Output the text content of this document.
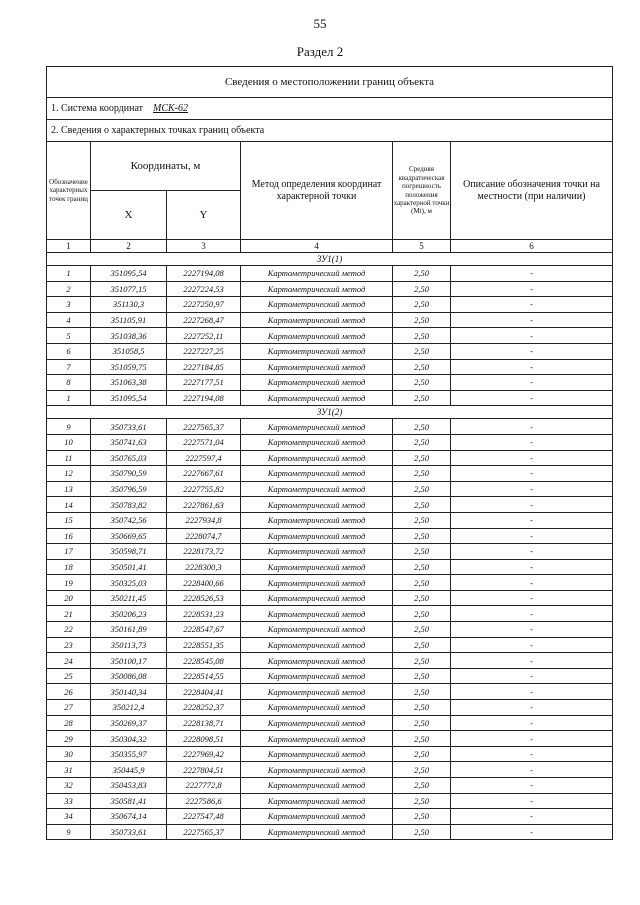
55
Раздел 2
Сведения о местоположении границ объекта					
1. Система координат МСК-62					
2. Сведения о характерных точках границ объекта					
Обозначение характерных точек границ	Координаты, м		Метод определения координат характерной точки	Средняя квадратическая погрешность положения характерной точки (Mt), м	Описание обозначения точки на местности (при наличии)
	X	Y			
1	2	3	4	5	6
ЗУ1(1)					
1	351095,54	2227194,08	Картометрический метод	2,50	-
2	351077,15	2227224,53	Картометрический метод	2,50	-
3	351130,3	2227250,97	Картометрический метод	2,50	-
4	351105,91	2227268,47	Картометрический метод	2,50	-
5	351038,36	2227252,11	Картометрический метод	2,50	-
6	351058,5	2227227,25	Картометрический метод	2,50	-
7	351059,75	2227184,85	Картометрический метод	2,50	-
8	351063,38	2227177,51	Картометрический метод	2,50	-
1	351095,54	2227194,08	Картометрический метод	2,50	-
ЗУ1(2)					
9	350733,61	2227565,37	Картометрический метод	2,50	-
10	350741,63	2227571,04	Картометрический метод	2,50	-
11	350765,03	2227597,4	Картометрический метод	2,50	-
12	350790,59	2227667,61	Картометрический метод	2,50	-
13	350796,59	2227755,82	Картометрический метод	2,50	-
14	350783,82	2227861,63	Картометрический метод	2,50	-
15	350742,56	2227934,8	Картометрический метод	2,50	-
16	350669,65	2228074,7	Картометрический метод	2,50	-
17	350598,71	2228173,72	Картометрический метод	2,50	-
18	350501,41	2228300,3	Картометрический метод	2,50	-
19	350325,03	2228400,66	Картометрический метод	2,50	-
20	350211,45	2228526,53	Картометрический метод	2,50	-
21	350206,23	2228531,23	Картометрический метод	2,50	-
22	350161,89	2228547,67	Картометрический метод	2,50	-
23	350113,73	2228551,35	Картометрический метод	2,50	-
24	350100,17	2228545,08	Картометрический метод	2,50	-
25	350086,08	2228514,55	Картометрический метод	2,50	-
26	350140,34	2228404,41	Картометрический метод	2,50	-
27	350212,4	2228252,37	Картометрический метод	2,50	-
28	350269,37	2228138,71	Картометрический метод	2,50	-
29	350304,32	2228098,51	Картометрический метод	2,50	-
30	350355,97	2227969,42	Картометрический метод	2,50	-
31	350445,9	2227804,51	Картометрический метод	2,50	-
32	350453,83	2227772,8	Картометрический метод	2,50	-
33	350581,41	2227586,6	Картометрический метод	2,50	-
34	350674,14	2227547,48	Картометрический метод	2,50	-
9	350733,61	2227565,37	Картометрический метод	2,50	-
